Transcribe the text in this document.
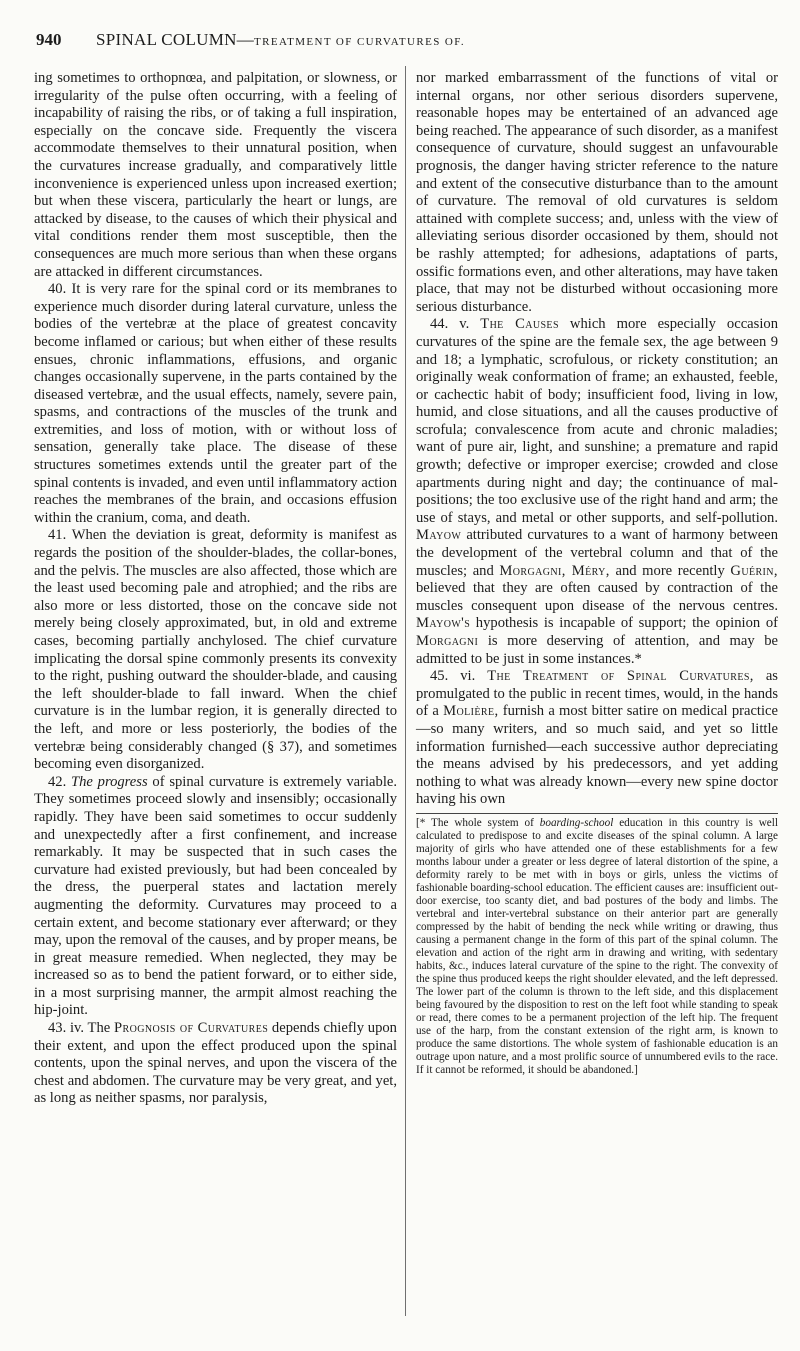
940 SPINAL COLUMN—TREATMENT OF CURVATURES OF.

ing sometimes to orthopnœa, and palpitation, or slowness, or irregularity of the pulse often occurring, with a feeling of incapability of raising the ribs, or of taking a full inspiration, especially on the concave side. Frequently the viscera accommodate themselves to their unnatural position, when the curvatures increase gradually, and comparatively little inconvenience is experienced unless upon increased exertion; but when these viscera, particularly the heart or lungs, are attacked by disease, to the causes of which their physical and vital conditions render them most susceptible, then the consequences are much more serious than when these organs are attacked in different circumstances.

40. It is very rare for the spinal cord or its membranes to experience much disorder during lateral curvature, unless the bodies of the vertebræ at the place of greatest concavity become inflamed or carious; but when either of these results ensues, chronic inflammations, effusions, and organic changes occasionally supervene, in the parts contained by the diseased vertebræ, and the usual effects, namely, severe pain, spasms, and contractions of the muscles of the trunk and extremities, and loss of motion, with or without loss of sensation, generally take place. The disease of these structures sometimes extends until the greater part of the spinal contents is invaded, and even until inflammatory action reaches the membranes of the brain, and occasions effusion within the cranium, coma, and death.

41. When the deviation is great, deformity is manifest as regards the position of the shoulder-blades, the collar-bones, and the pelvis. The muscles are also affected, those which are the least used becoming pale and atrophied; and the ribs are also more or less distorted, those on the concave side not merely being closely approximated, but, in old and extreme cases, becoming partially anchylosed. The chief curvature implicating the dorsal spine commonly presents its convexity to the right, pushing outward the shoulder-blade, and causing the left shoulder-blade to fall inward. When the chief curvature is in the lumbar region, it is generally directed to the left, and more or less posteriorly, the bodies of the vertebræ being considerably changed (§ 37), and sometimes becoming even disorganized.

42. The progress of spinal curvature is extremely variable. They sometimes proceed slowly and insensibly; occasionally rapidly. They have been said sometimes to occur suddenly and unexpectedly after a first confinement, and increase remarkably. It may be suspected that in such cases the curvature had existed previously, but had been concealed by the dress, the puerperal states and lactation merely augmenting the deformity. Curvatures may proceed to a certain extent, and become stationary ever afterward; or they may, upon the removal of the causes, and by proper means, be in great measure remedied. When neglected, they may be increased so as to bend the patient forward, or to either side, in a most surprising manner, the armpit almost reaching the hip-joint.

43. iv. The Prognosis of Curvatures depends chiefly upon their extent, and upon the effect produced upon the spinal contents, upon the spinal nerves, and upon the viscera of the chest and abdomen. The curvature may be very great, and yet, as long as neither spasms, nor paralysis,

nor marked embarrassment of the functions of vital or internal organs, nor other serious disorders supervene, reasonable hopes may be entertained of an advanced age being reached. The appearance of such disorder, as a manifest consequence of curvature, should suggest an unfavourable prognosis, the danger having stricter reference to the nature and extent of the consecutive disturbance than to the amount of curvature. The removal of old curvatures is seldom attained with complete success; and, unless with the view of alleviating serious disorder occasioned by them, should not be rashly attempted; for adhesions, adaptations of parts, ossific formations even, and other alterations, may have taken place, that may not be disturbed without occasioning more serious disturbance.

44. v. The Causes which more especially occasion curvatures of the spine are the female sex, the age between 9 and 18; a lymphatic, scrofulous, or rickety constitution; an originally weak conformation of frame; an exhausted, feeble, or cachectic habit of body; insufficient food, living in low, humid, and close situations, and all the causes productive of scrofula; convalescence from acute and chronic maladies; want of pure air, light, and sunshine; a premature and rapid growth; defective or improper exercise; crowded and close apartments during night and day; the continuance of mal-positions; the too exclusive use of the right hand and arm; the use of stays, and metal or other supports, and self-pollution. Mayow attributed curvatures to a want of harmony between the development of the vertebral column and that of the muscles; and Morgagni, Méry, and more recently Guérin, believed that they are often caused by contraction of the muscles consequent upon disease of the nervous centres. Mayow's hypothesis is incapable of support; the opinion of Morgagni is more deserving of attention, and may be admitted to be just in some instances.*

45. vi. The Treatment of Spinal Curvatures, as promulgated to the public in recent times, would, in the hands of a Molière, furnish a most bitter satire on medical practice—so many writers, and so much said, and yet so little information furnished—each successive author depreciating the means advised by his predecessors, and yet adding nothing to what was already known—every new spine doctor having his own

[* The whole system of boarding-school education in this country is well calculated to predispose to and excite diseases of the spinal column. A large majority of girls who have attended one of these establishments for a few months labour under a greater or less degree of lateral distortion of the spine, a deformity rarely to be met with in boys or girls, unless the victims of fashionable boarding-school education. The efficient causes are: insufficient out-door exercise, too scanty diet, and bad postures of the body and limbs. The vertebral and inter-vertebral substance on their anterior part are generally compressed by the habit of bending the neck while writing or drawing, thus causing a permanent change in the form of this part of the spinal column. The elevation and action of the right arm in drawing and writing, with sedentary habits, &c., induces lateral curvature of the spine to the right. The convexity of the spine thus produced keeps the right shoulder elevated, and the left depressed. The lower part of the column is thrown to the left side, and this displacement being favoured by the disposition to rest on the left foot while standing to speak or read, there comes to be a permanent projection of the left hip. The frequent use of the harp, from the constant extension of the right arm, is known to produce the same distortions. The whole system of fashionable education is an outrage upon nature, and a most prolific source of unnumbered evils to the race. If it cannot be reformed, it should be abandoned.]
